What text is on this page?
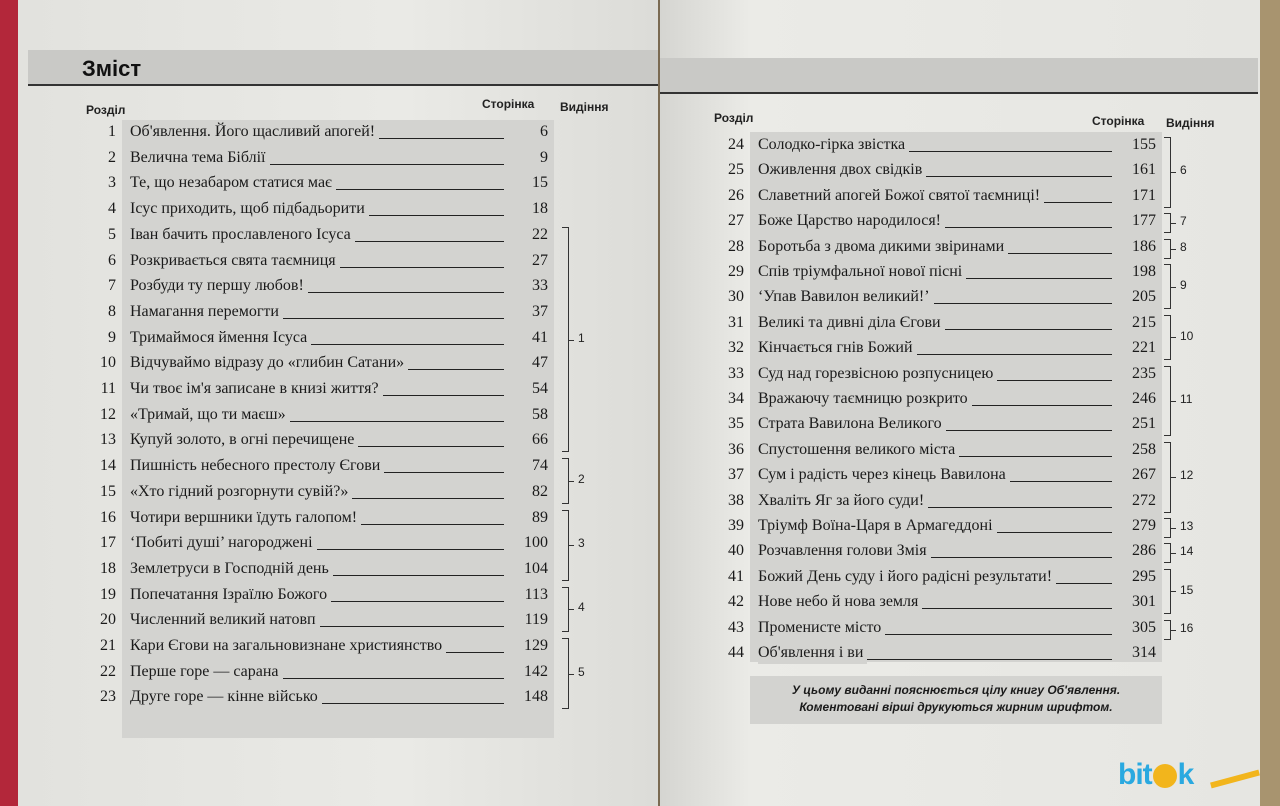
Зміст
Розділ	Сторінка Видіння
Розділ	Сторінка Видіння
1 Об'явлення. Його щасливий апогей!	6
2 Велична тема Біблії	9
3 Те, що незабаром статися має	15
4 Ісус приходить, щоб підбадьорити	18
5 Іван бачить прославленого Ісуса	22
6 Розкривається свята таємниця	27
7 Розбуди ту першу любов!	33
8 Намагання перемогти	37
9 Тримаймося ймення Ісуса	41
10 Відчуваймо відразу до «глибин Сатани»	47
11 Чи твоє ім'я записане в книзі життя?	54
12 «Тримай, що ти маєш»	58
13 Купуй золото, в огні перечищене	66
14 Пишність небесного престолу Єгови	74
15 «Хто гідний розгорнути сувій?»	82
16 Чотири вершники їдуть галопом!	89
17 ‘Побиті душі’ нагороджені	100
18 Землетруси в Господній день	104
19 Попечатання Ізраїлю Божого	113
20 Численний великий натовп	119
21 Кари Єгови на загальновизнане християнство	129
22 Перше горе — сарана	142
23 Друге горе — кінне військо	148
1
2
3
4
5
24 Солодко-гірка звістка	155
25 Оживлення двох свідків	161
26 Славетний апогей Божої святої таємниці!	171
27 Боже Царство народилося!	177
28 Боротьба з двома дикими звіринами	186
29 Спів тріумфальної нової пісні	198
30 ‘Упав Вавилон великий!’	205
31 Великі та дивні діла Єгови	215
32 Кінчається гнів Божий	221
33 Суд над горезвісною розпусницею	235
34 Вражаючу таємницю розкрито	246
35 Страта Вавилона Великого	251
36 Спустошення великого міста	258
37 Сум і радість через кінець Вавилона	267
38 Хваліть Яг за його суди!	272
39 Тріумф Воїна-Царя в Армагеддоні	279
40 Розчавлення голови Змія	286
41 Божий День суду і його радісні результати!	295
42 Нове небо й нова земля	301
43 Променисте місто	305
44 Об'явлення і ви	314
6
7
8
9
10
11
12
13
14
15
16
У цьому виданні пояснюється цілу книгу Об'явлення.
Коментовані вірші друкуються жирним шрифтом.
bit k
